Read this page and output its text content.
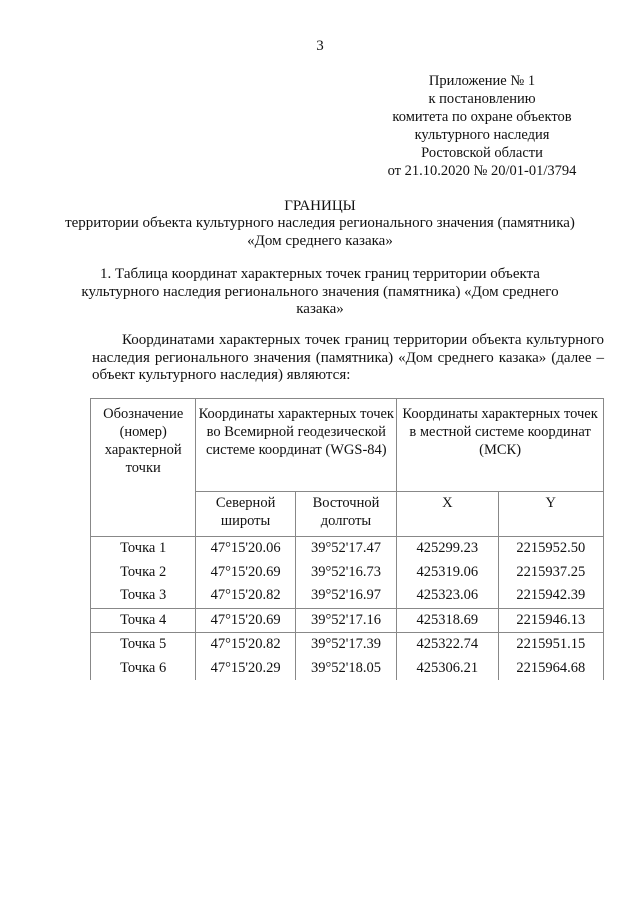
3
Приложение № 1
к постановлению
комитета по охране объектов
культурного наследия
Ростовской области
от 21.10.2020 № 20/01-01/3794
ГРАНИЦЫ
территории объекта культурного наследия регионального значения (памятника) «Дом среднего казака»
1. Таблица координат характерных точек границ территории объекта культурного наследия регионального значения (памятника) «Дом среднего казака»
Координатами характерных точек границ территории объекта культурного наследия регионального значения (памятника) «Дом среднего казака» (далее – объект культурного наследия) являются:
Обозначение (номер) характерной точки	Координаты характерных точек во Всемирной геодезической системе координат (WGS-84)		Координаты характерных точек в местной системе координат (МСК)	
	Северной широты	Восточной долготы	X	Y
Точка 1	47°15'20.06	39°52'17.47	425299.23	2215952.50
Точка 2	47°15'20.69	39°52'16.73	425319.06	2215937.25
Точка 3	47°15'20.82	39°52'16.97	425323.06	2215942.39
Точка 4	47°15'20.69	39°52'17.16	425318.69	2215946.13
Точка 5	47°15'20.82	39°52'17.39	425322.74	2215951.15
Точка 6	47°15'20.29	39°52'18.05	425306.21	2215964.68
